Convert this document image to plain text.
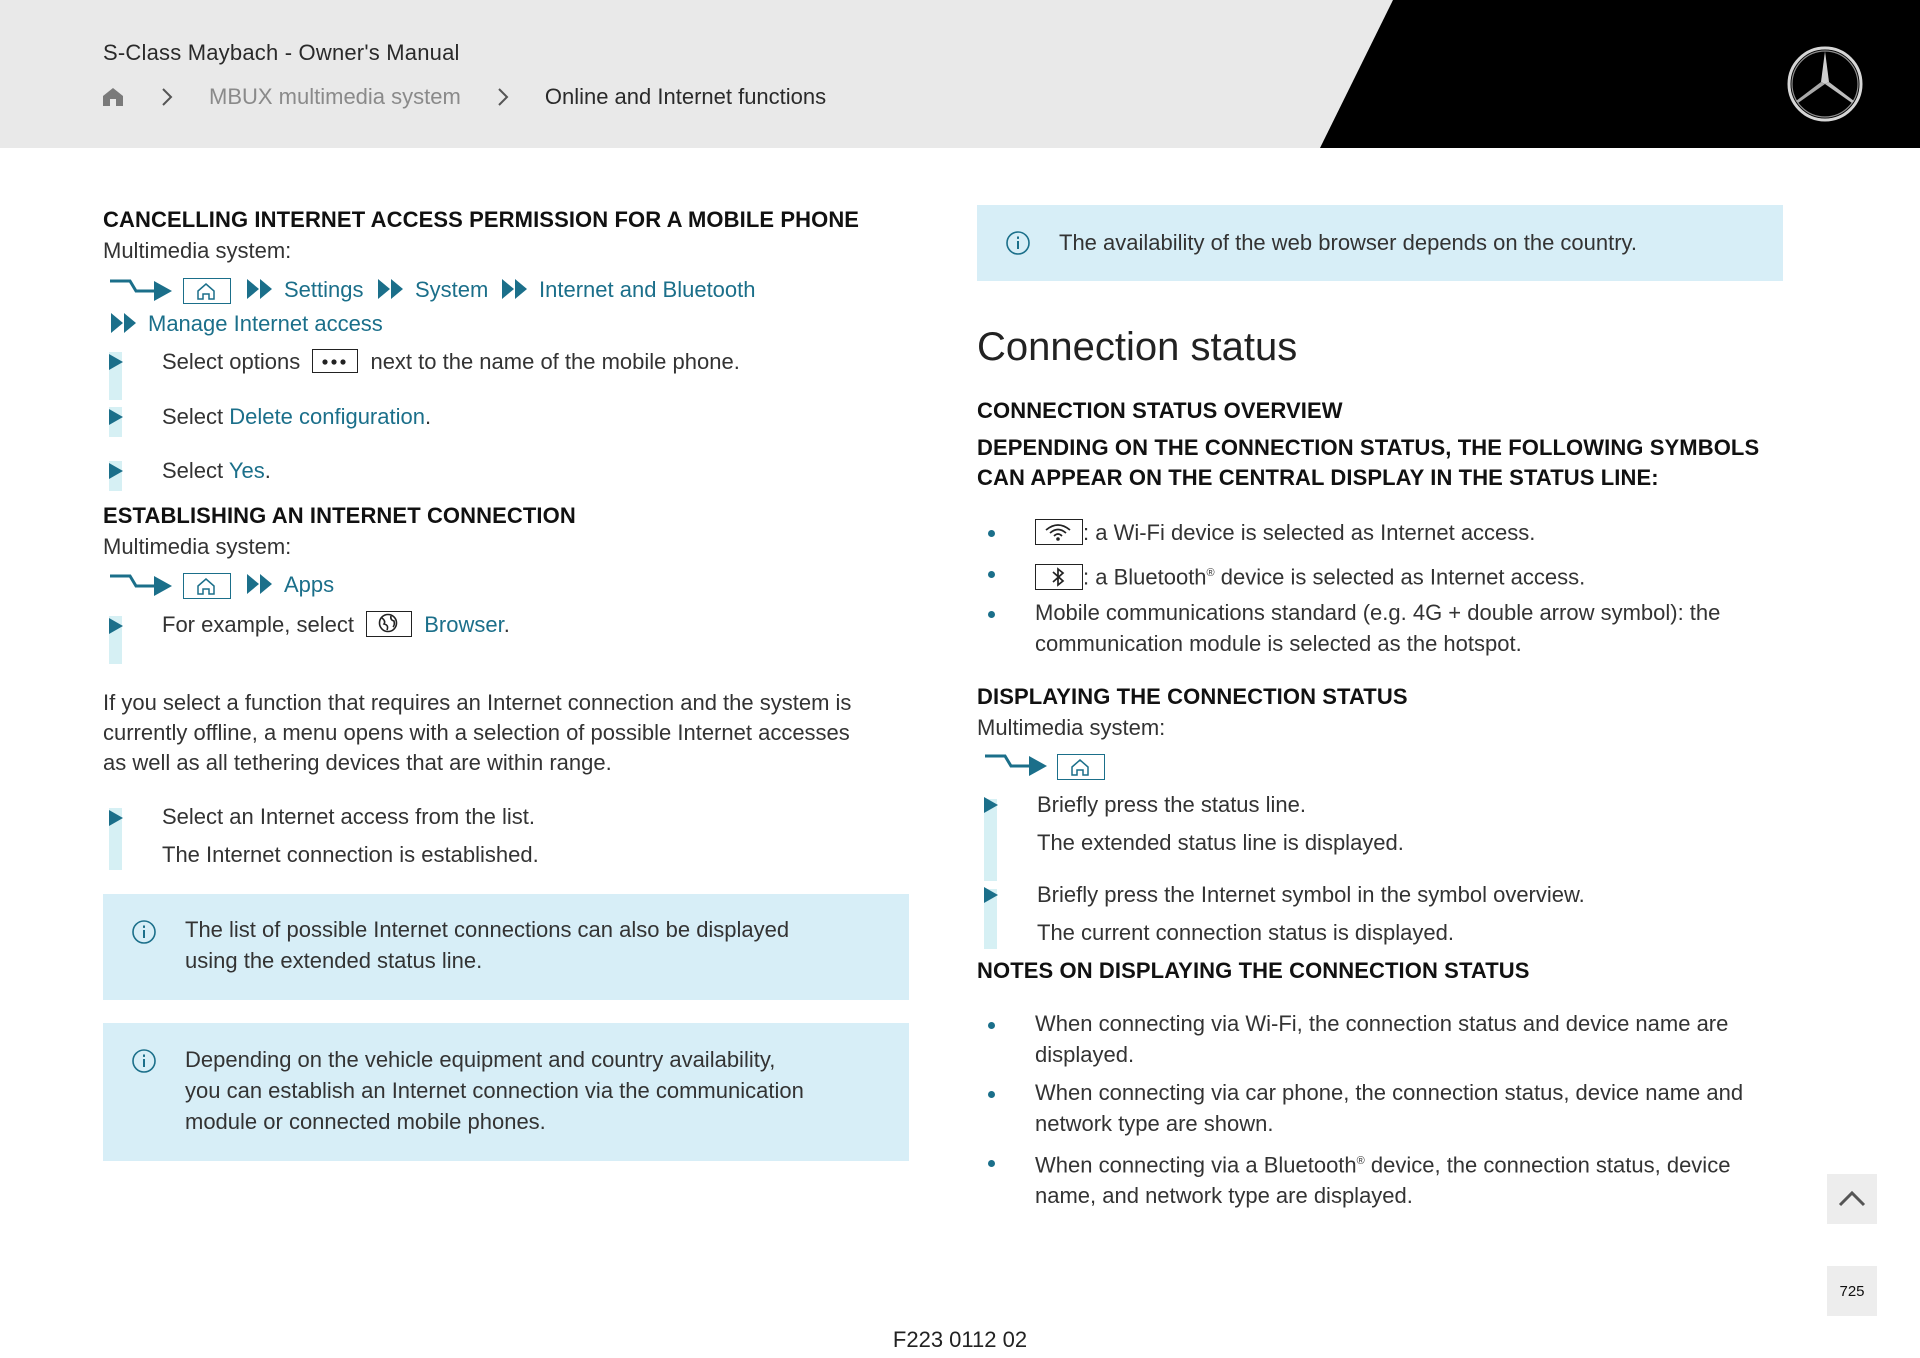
S-Class Maybach - Owner's Manual
MBUX multimedia system	Online and Internet functions
CANCELLING INTERNET ACCESS PERMISSION FOR A MOBILE PHONE
Multimedia system:
Settings System Internet and Bluetooth
Manage Internet access
Select options	next to the name of the mobile phone.
Select Delete configuration.
Select Yes.
ESTABLISHING AN INTERNET CONNECTION
Multimedia system:
Apps
For example, select	Browser.
If you select a function that requires an Internet connection and the system is
currently offline, a menu opens with a selection of possible Internet accesses
as well as all tethering devices that are within range.
Select an Internet access from the list.
The Internet connection is established.
The list of possible Internet connections can also be displayed
using the extended status line.
Depending on the vehicle equipment and country availability,
you can establish an Internet connection via the communication
module or connected mobile phones.
The availability of the web browser depends on the country.
Connection status
CONNECTION STATUS OVERVIEW
DEPENDING ON THE CONNECTION STATUS, THE FOLLOWING SYMBOLS
CAN APPEAR ON THE CENTRAL DISPLAY IN THE STATUS LINE:
: a Wi-Fi device is selected as Internet access.
: a Bluetooth® device is selected as Internet access.
Mobile communications standard (e.g. 4G + double arrow symbol): the
communication module is selected as the hotspot.
DISPLAYING THE CONNECTION STATUS
Multimedia system:
Briefly press the status line.
The extended status line is displayed.
Briefly press the Internet symbol in the symbol overview.
The current connection status is displayed.
NOTES ON DISPLAYING THE CONNECTION STATUS
When connecting via Wi-Fi, the connection status and device name are
displayed.
When connecting via car phone, the connection status, device name and
network type are shown.
When connecting via a Bluetooth® device, the connection status, device
name, and network type are displayed.
725
F223 0112 02
